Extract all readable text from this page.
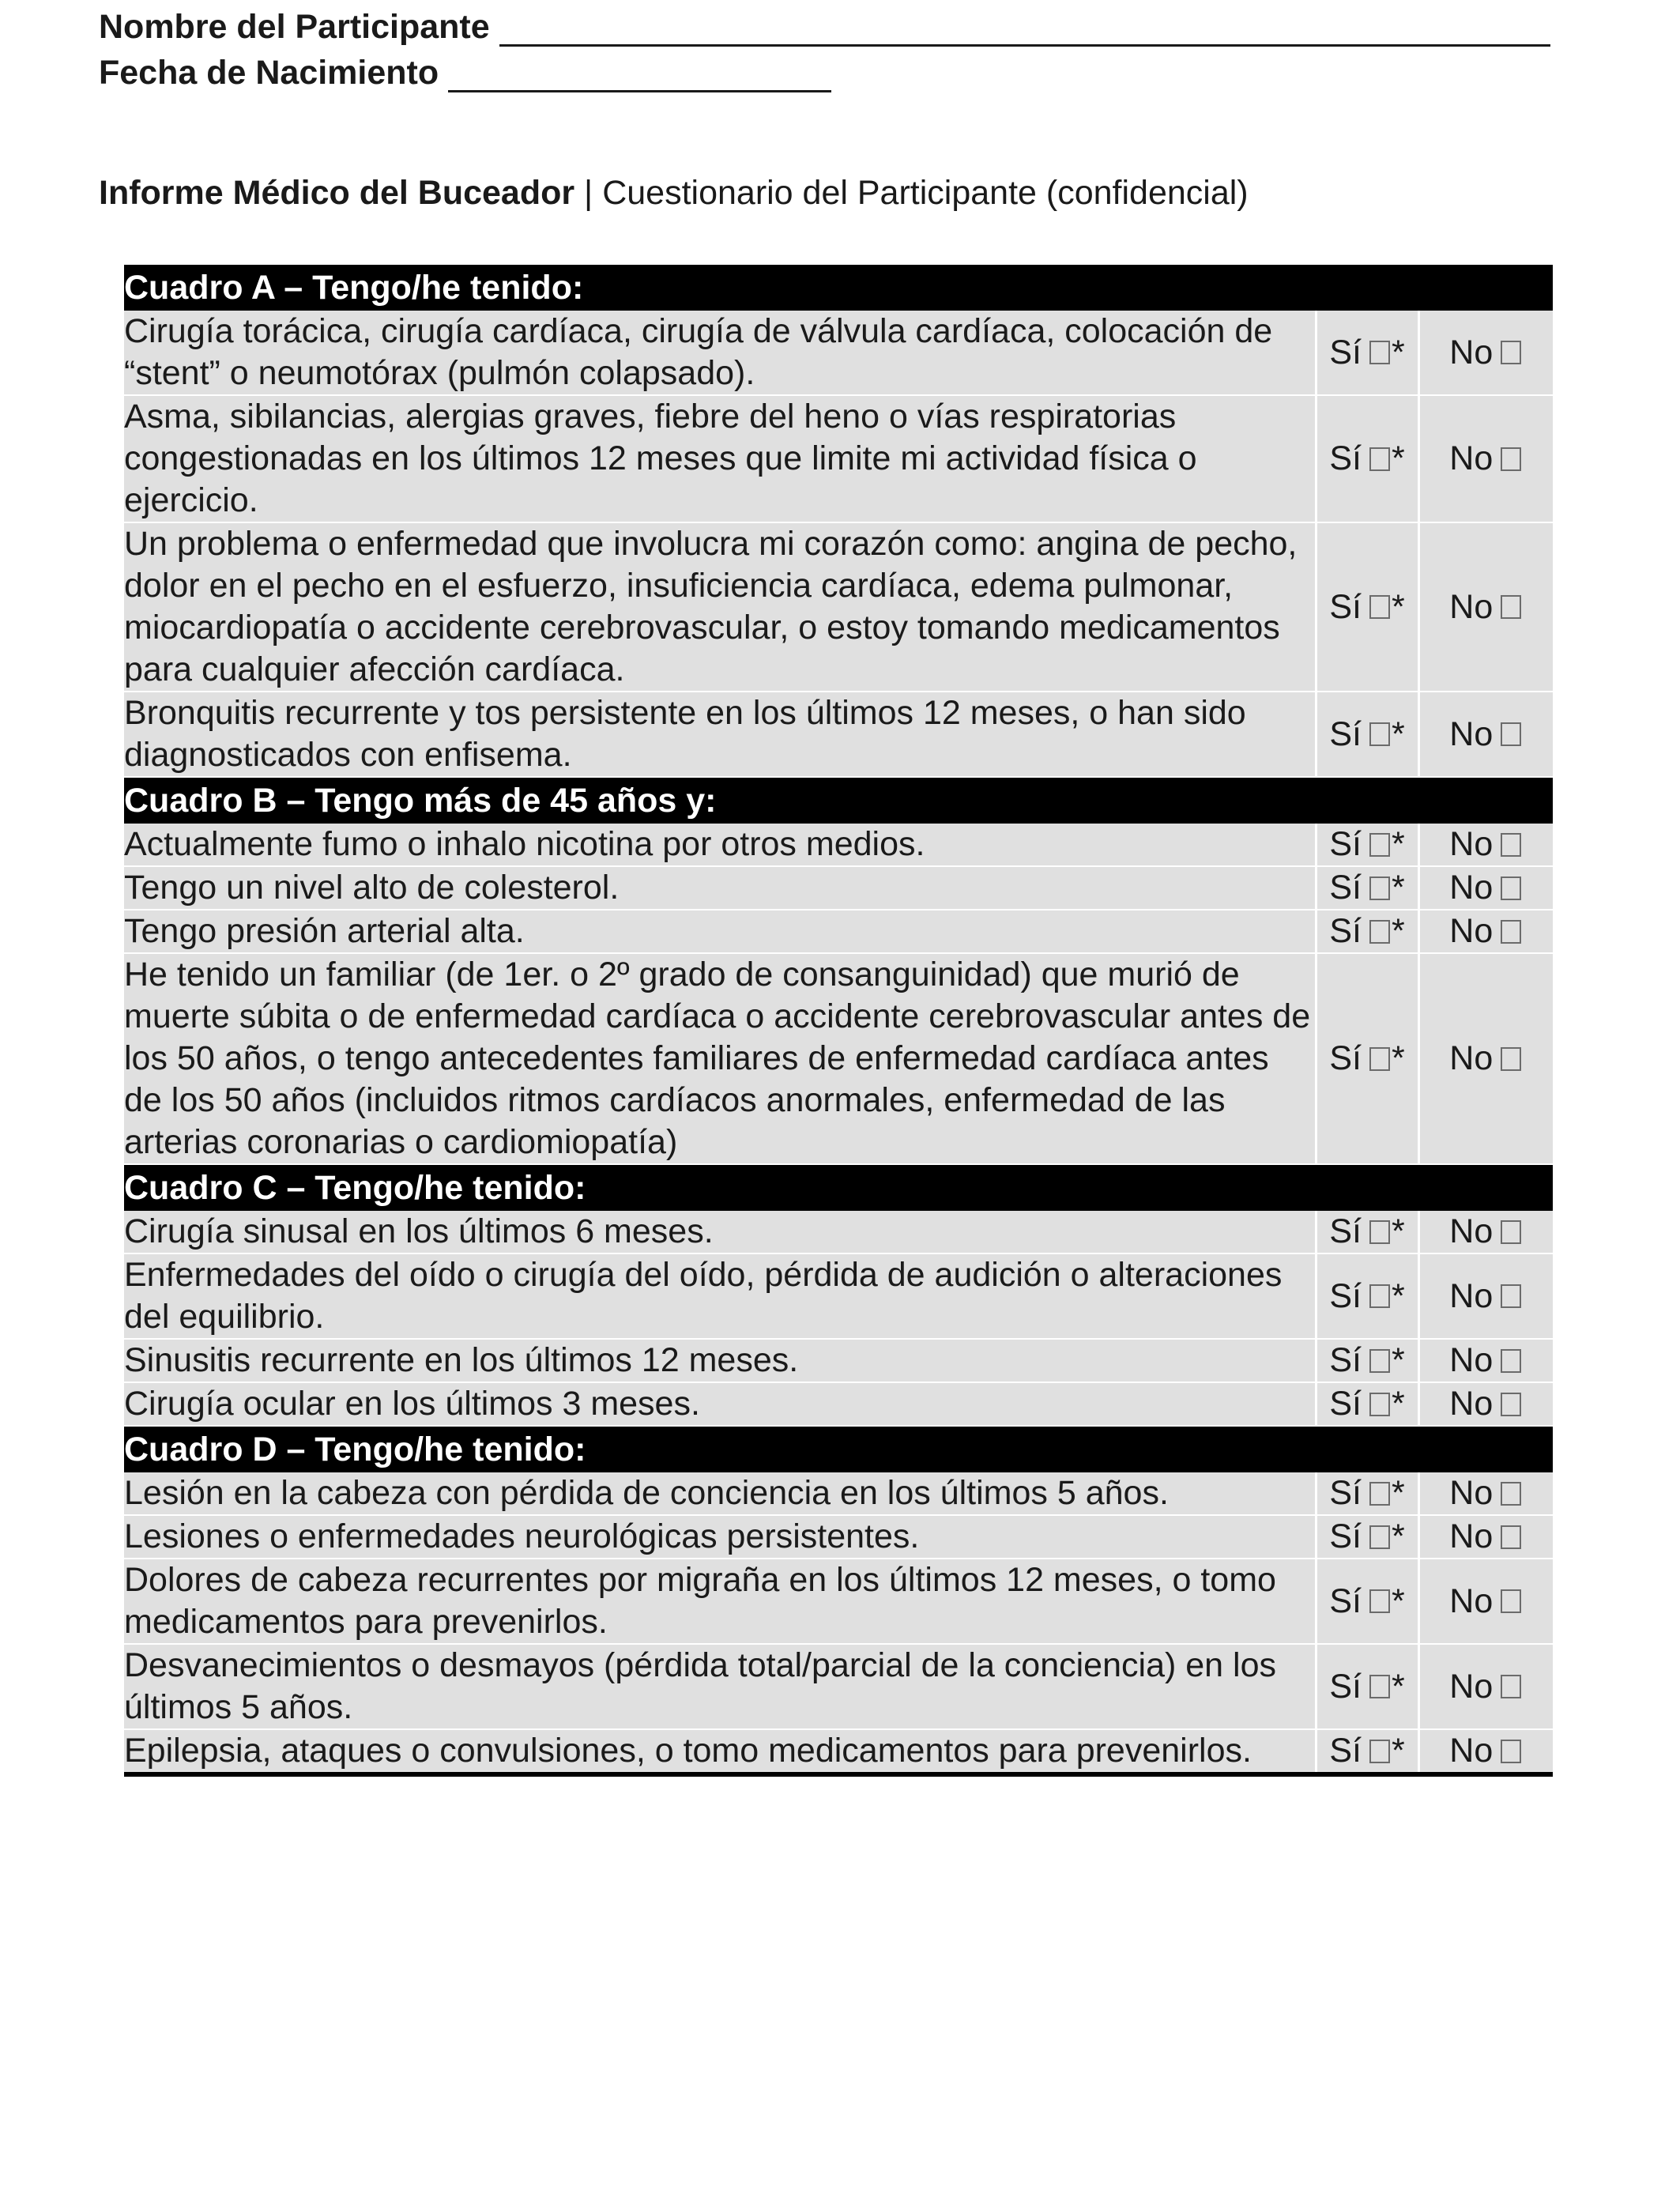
Nombre del Participante
Fecha de Nacimiento
Informe Médico del Buceador | Cuestionario del Participante (confidencial)
Cuadro A – Tengo/he tenido:		
Cirugía torácica, cirugía cardíaca, cirugía de válvula cardíaca, colocación de “stent” o neumotórax (pulmón colapsado).	Sí *	No
Asma, sibilancias, alergias graves, fiebre del heno o vías respiratorias congestionadas en los últimos 12 meses que limite mi actividad física o ejercicio.	Sí *	No
Un problema o enfermedad que involucra mi corazón como: angina de pecho, dolor en el pecho en el esfuerzo, insuficiencia cardíaca, edema pulmonar, miocardiopatía o accidente cerebrovascular, o estoy tomando medicamentos para cualquier afección cardíaca.	Sí *	No
Bronquitis recurrente y tos persistente en los últimos 12 meses, o han sido diagnosticados con enfisema.	Sí *	No
Cuadro B – Tengo más de 45 años y:		
Actualmente fumo o inhalo nicotina por otros medios.	Sí *	No
Tengo un nivel alto de colesterol.	Sí *	No
Tengo presión arterial alta.	Sí *	No
He tenido un familiar (de 1er. o 2º grado de consanguinidad) que murió de muerte súbita o de enfermedad cardíaca o accidente cerebrovascular antes de los 50 años, o tengo antecedentes familiares de enfermedad cardíaca antes de los 50 años (incluidos ritmos cardíacos anormales, enfermedad de las arterias coronarias o cardiomiopatía)	Sí *	No
Cuadro C – Tengo/he tenido:		
Cirugía sinusal en los últimos 6 meses.	Sí *	No
Enfermedades del oído o cirugía del oído, pérdida de audición o alteraciones del equilibrio.	Sí *	No
Sinusitis recurrente en los últimos 12 meses.	Sí *	No
Cirugía ocular en los últimos 3 meses.	Sí *	No
Cuadro D – Tengo/he tenido:		
Lesión en la cabeza con pérdida de conciencia en los últimos 5 años.	Sí *	No
Lesiones o enfermedades neurológicas persistentes.	Sí *	No
Dolores de cabeza recurrentes por migraña en los últimos 12 meses, o tomo medicamentos para prevenirlos.	Sí *	No
Desvanecimientos o desmayos (pérdida total/parcial de la conciencia) en los últimos 5 años.	Sí *	No
Epilepsia, ataques o convulsiones, o tomo medicamentos para prevenirlos.	Sí *	No
